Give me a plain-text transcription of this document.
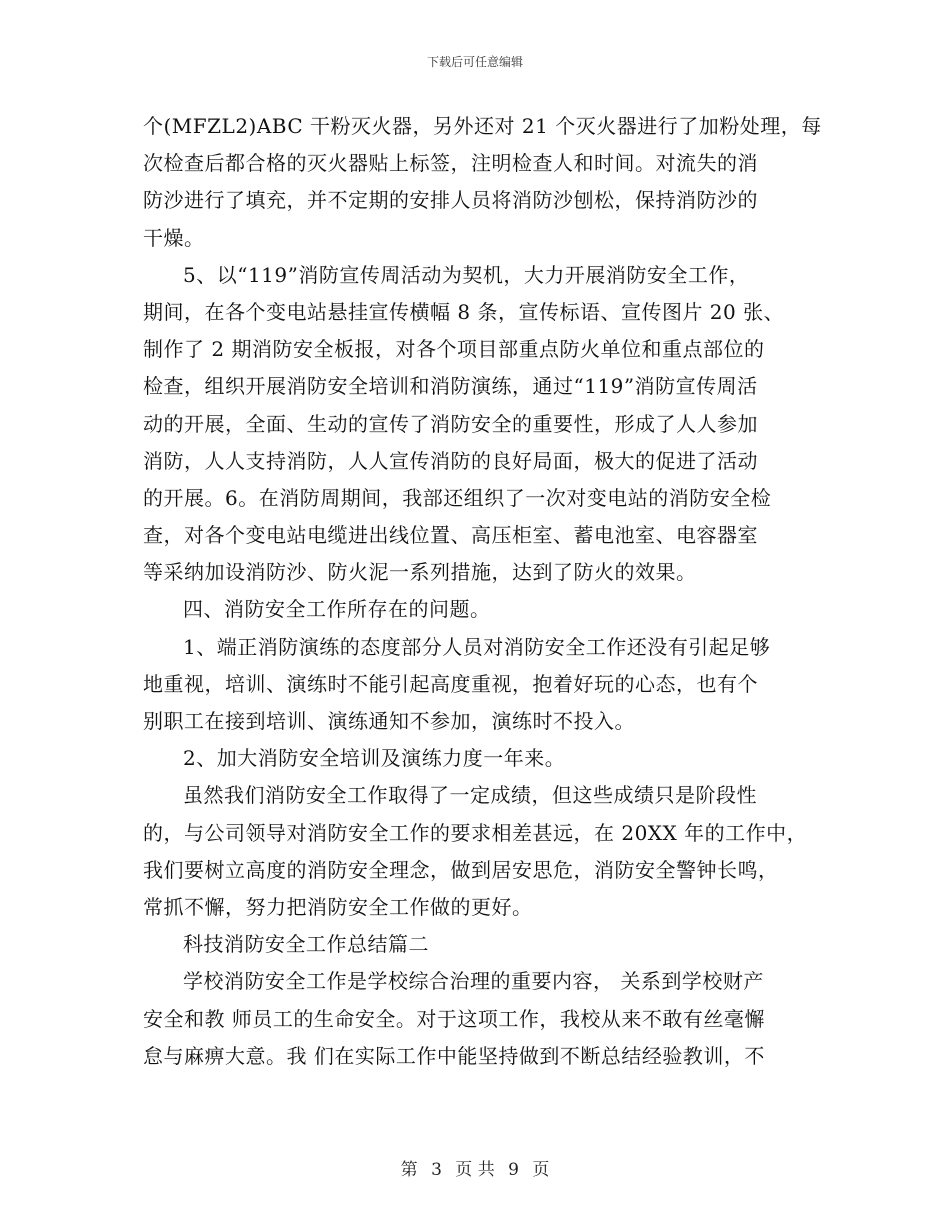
下载后可任意编辑
个(MFZL2)ABC 干粉灭火器，另外还对 21 个灭火器进行了加粉处理，每
次检查后都合格的灭火器贴上标签，注明检查人和时间。对流失的消
防沙进行了填充，并不定期的安排人员将消防沙刨松，保持消防沙的
干燥。
5、以“119”消防宣传周活动为契机，大力开展消防安全工作，
期间，在各个变电站悬挂宣传横幅 8 条，宣传标语、宣传图片 20 张、
制作了 2 期消防安全板报，对各个项目部重点防火单位和重点部位的
检查，组织开展消防安全培训和消防演练，通过“119”消防宣传周活
动的开展，全面、生动的宣传了消防安全的重要性，形成了人人参加
消防，人人支持消防，人人宣传消防的良好局面，极大的促进了活动
的开展。6。在消防周期间，我部还组织了一次对变电站的消防安全检
查，对各个变电站电缆进出线位置、高压柜室、蓄电池室、电容器室
等采纳加设消防沙、防火泥一系列措施，达到了防火的效果。
四、消防安全工作所存在的问题。
1、端正消防演练的态度部分人员对消防安全工作还没有引起足够
地重视，培训、演练时不能引起高度重视，抱着好玩的心态，也有个
别职工在接到培训、演练通知不参加，演练时不投入。
2、加大消防安全培训及演练力度一年来。
虽然我们消防安全工作取得了一定成绩，但这些成绩只是阶段性
的，与公司领导对消防安全工作的要求相差甚远，在 20XX 年的工作中，
我们要树立高度的消防安全理念，做到居安思危，消防安全警钟长鸣，
常抓不懈，努力把消防安全工作做的更好。
科技消防安全工作总结篇二
学校消防安全工作是学校综合治理的重要内容， 关系到学校财产
安全和教 师员工的生命安全。对于这项工作，我校从来不敢有丝毫懈
怠与麻痹大意。我 们在实际工作中能坚持做到不断总结经验教训，不
第 3 页 共 9 页
